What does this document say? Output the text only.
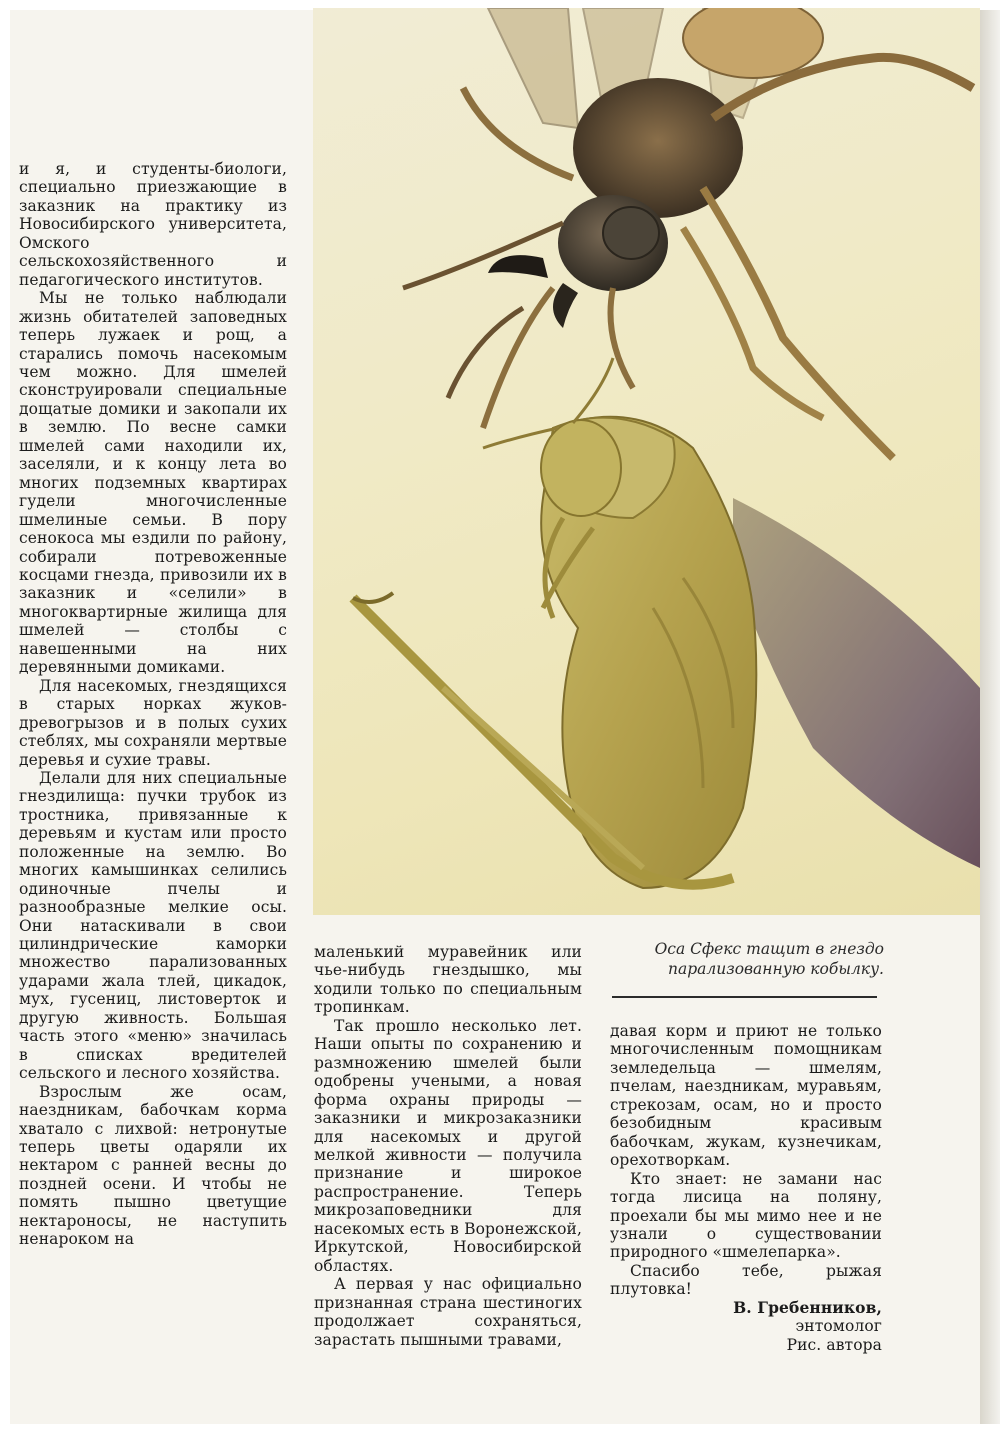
и я, и студенты-биологи, специально приезжающие в заказник на практику из Новосибирского университета, Омского сельскохозяйственного и педагогического институтов.

Мы не только наблюдали жизнь обитателей заповедных теперь лужаек и рощ, а старались помочь насекомым чем можно. Для шмелей сконструировали специальные дощатые домики и закопали их в землю. По весне самки шмелей сами находили их, заселяли, и к концу лета во многих подземных квартирах гудели многочисленные шмелиные семьи. В пору сенокоса мы ездили по району, собирали потревоженные косцами гнезда, привозили их в заказник и «селили» в многоквартирные жилища для шмелей — столбы с навешенными на них деревянными домиками.

Для насекомых, гнездящихся в старых норках жуков-древогрызов и в полых сухих стеблях, мы сохраняли мертвые деревья и сухие травы.

Делали для них специальные гнездилища: пучки трубок из тростника, привязанные к деревьям и кустам или просто положенные на землю. Во многих камышинках селились одиночные пчелы и разнообразные мелкие осы. Они натаскивали в свои цилиндрические каморки множество парализованных ударами жала тлей, цикадок, мух, гусениц, листоверток и другую живность. Большая часть этого «меню» значилась в списках вредителей сельского и лесного хозяйства.

Взрослым же осам, наездникам, бабочкам корма хватало с лихвой: нетронутые теперь цветы одаряли их нектаром с ранней весны до поздней осени. И чтобы не помять пышно цветущие нектароносы, не наступить ненароком на

маленький муравейник или чье-нибудь гнездышко, мы ходили только по специальным тропинкам.

Так прошло несколько лет. Наши опыты по сохранению и размножению шмелей были одобрены учеными, а новая форма охраны природы — заказники и микрозаказники для насекомых и другой мелкой живности — получила признание и широкое распространение. Теперь микрозаповедники для насекомых есть в Воронежской, Иркутской, Новосибирской областях.

А первая у нас официально признанная страна шестиногих продолжает сохраняться, зарастать пышными травами,

Оса Сфекс тащит в гнездо парализованную кобылку.

давая корм и приют не только многочисленным помощникам земледельца — шмелям, пчелам, наездникам, муравьям, стрекозам, осам, но и просто безобидным красивым бабочкам, жукам, кузнечикам, орехотворкам.

Кто знает: не замани нас тогда лисица на поляну, проехали бы мы мимо нее и не узнали о существовании природного «шмелепарка».

Спасибо тебе, рыжая плутовка!

В. Гребенников,

энтомолог

Рис. автора
